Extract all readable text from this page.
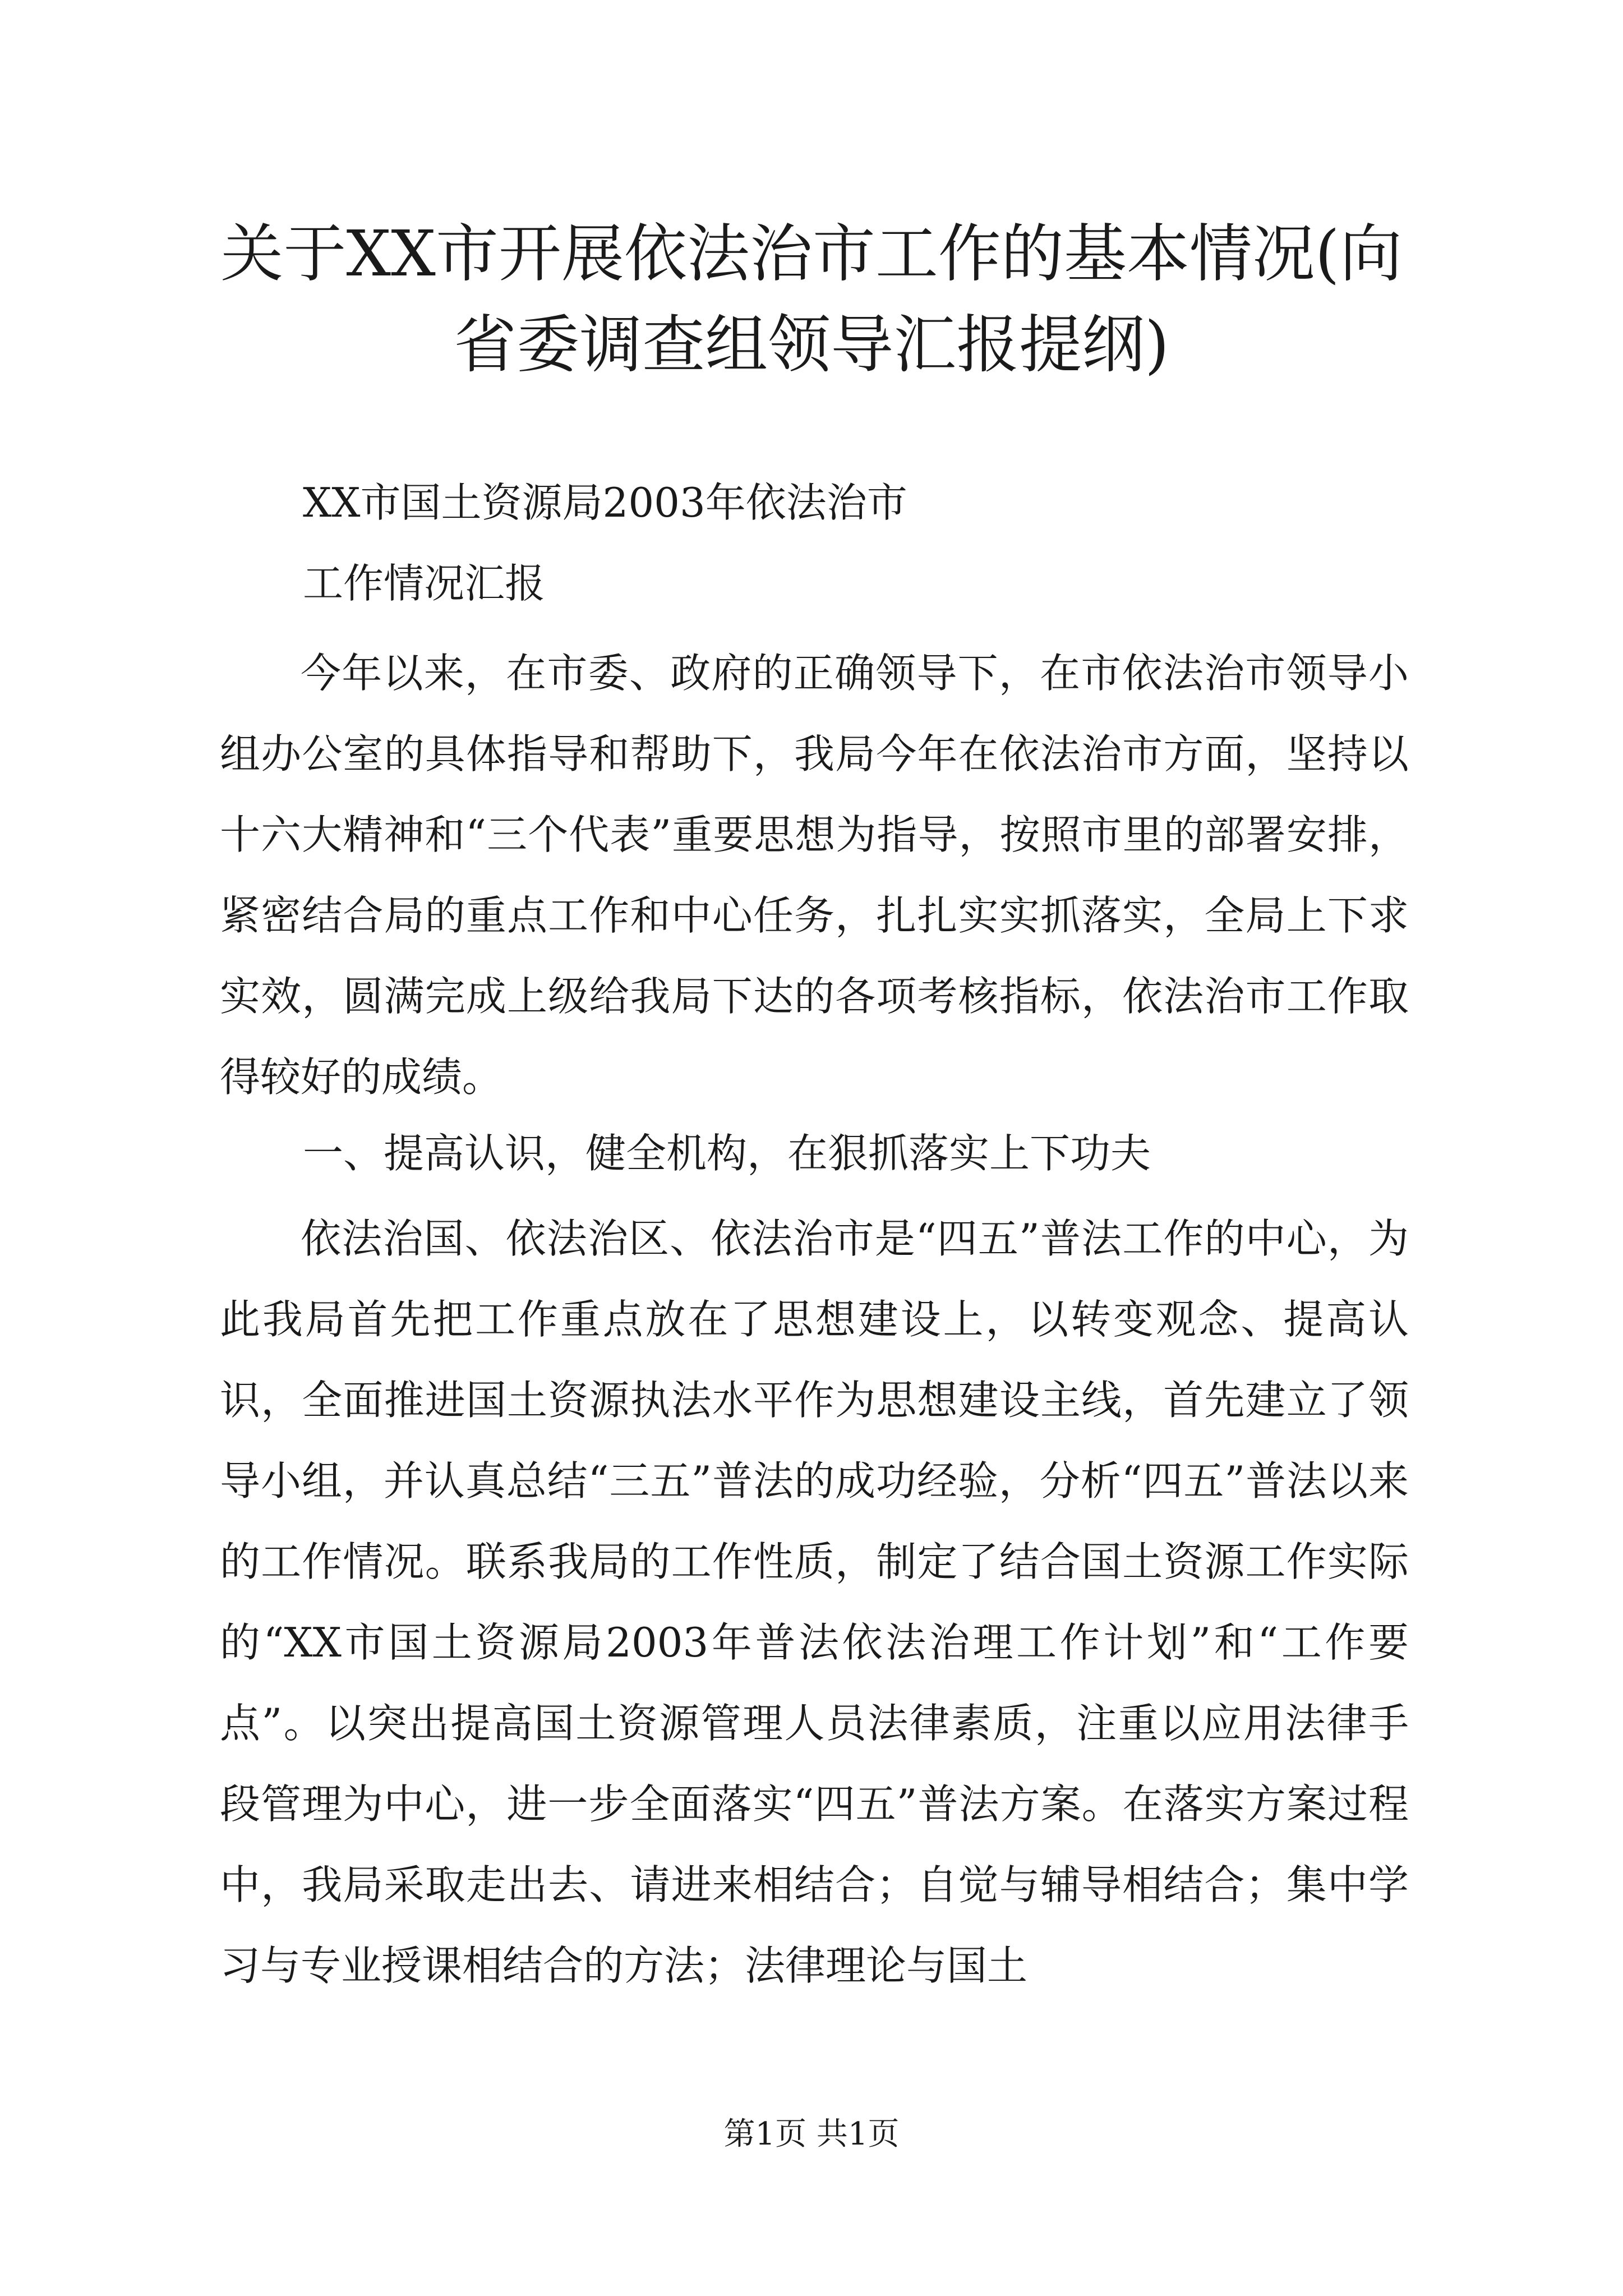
关于XX市开展依法治市工作的基本情况(向省委调查组领导汇报提纲)

XX市国土资源局2003年依法治市

工作情况汇报

今年以来，在市委、政府的正确领导下，在市依法治市领导小组办公室的具体指导和帮助下，我局今年在依法治市方面，坚持以十六大精神和“三个代表”重要思想为指导，按照市里的部署安排，紧密结合局的重点工作和中心任务，扎扎实实抓落实，全局上下求实效，圆满完成上级给我局下达的各项考核指标，依法治市工作取得较好的成绩。

一、提高认识，健全机构，在狠抓落实上下功夫

依法治国、依法治区、依法治市是“四五”普法工作的中心，为此我局首先把工作重点放在了思想建设上，以转变观念、提高认识，全面推进国土资源执法水平作为思想建设主线，首先建立了领导小组，并认真总结“三五”普法的成功经验，分析“四五”普法以来的工作情况。联系我局的工作性质，制定了结合国土资源工作实际的“XX市国土资源局2003年普法依法治理工作计划”和“工作要点”。以突出提高国土资源管理人员法律素质，注重以应用法律手段管理为中心，进一步全面落实“四五”普法方案。在落实方案过程中，我局采取走出去、请进来相结合；自觉与辅导相结合；集中学习与专业授课相结合的方法；法律理论与国土

第1页 共1页
